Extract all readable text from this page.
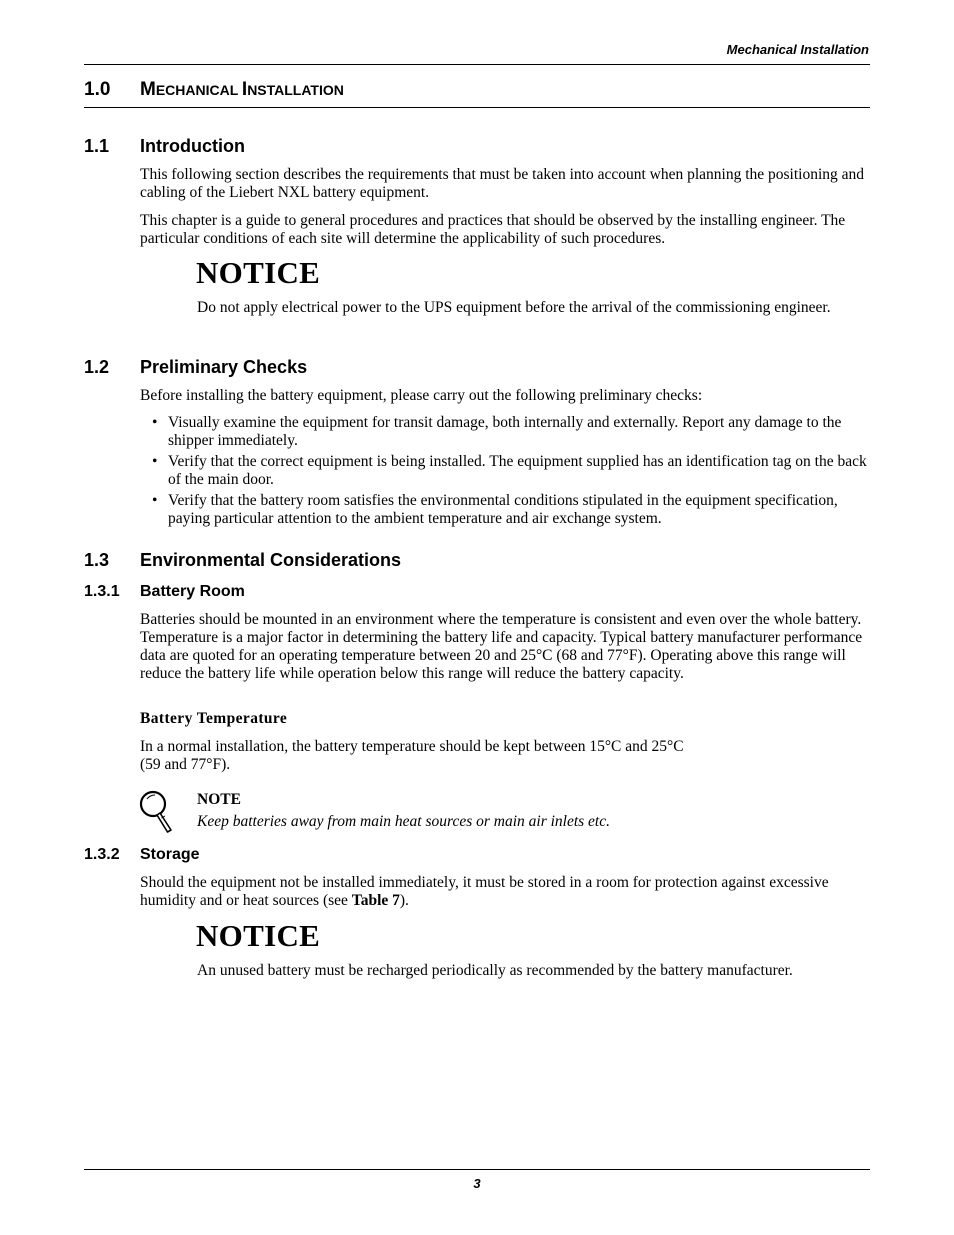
Mechanical Installation
1.0 MECHANICAL INSTALLATION
1.1 Introduction

This following section describes the requirements that must be taken into account when planning the positioning and cabling of the Liebert NXL battery equipment.

This chapter is a guide to general procedures and practices that should be observed by the installing engineer. The particular conditions of each site will determine the applicability of such procedures.

NOTICE

Do not apply electrical power to the UPS equipment before the arrival of the commissioning engineer.

1.2 Preliminary Checks

Before installing the battery equipment, please carry out the following preliminary checks:

• Visually examine the equipment for transit damage, both internally and externally. Report any damage to the shipper immediately.
• Verify that the correct equipment is being installed. The equipment supplied has an identification tag on the back of the main door.
• Verify that the battery room satisfies the environmental conditions stipulated in the equipment specification, paying particular attention to the ambient temperature and air exchange system.
1.3 Environmental Considerations
1.3.1 Battery Room

Batteries should be mounted in an environment where the temperature is consistent and even over the whole battery. Temperature is a major factor in determining the battery life and capacity. Typical battery manufacturer performance data are quoted for an operating temperature between 20 and 25°C (68 and 77°F). Operating above this range will reduce the battery life while operation below this range will reduce the battery capacity.

Battery Temperature
In a normal installation, the battery temperature should be kept between 15°C and 25°C
(59 and 77°F).
NOTE
Keep batteries away from main heat sources or main air inlets etc.
1.3.2 Storage

Should the equipment not be installed immediately, it must be stored in a room for protection against excessive humidity and or heat sources (see Table 7).

NOTICE

An unused battery must be recharged periodically as recommended by the battery manufacturer.

3
